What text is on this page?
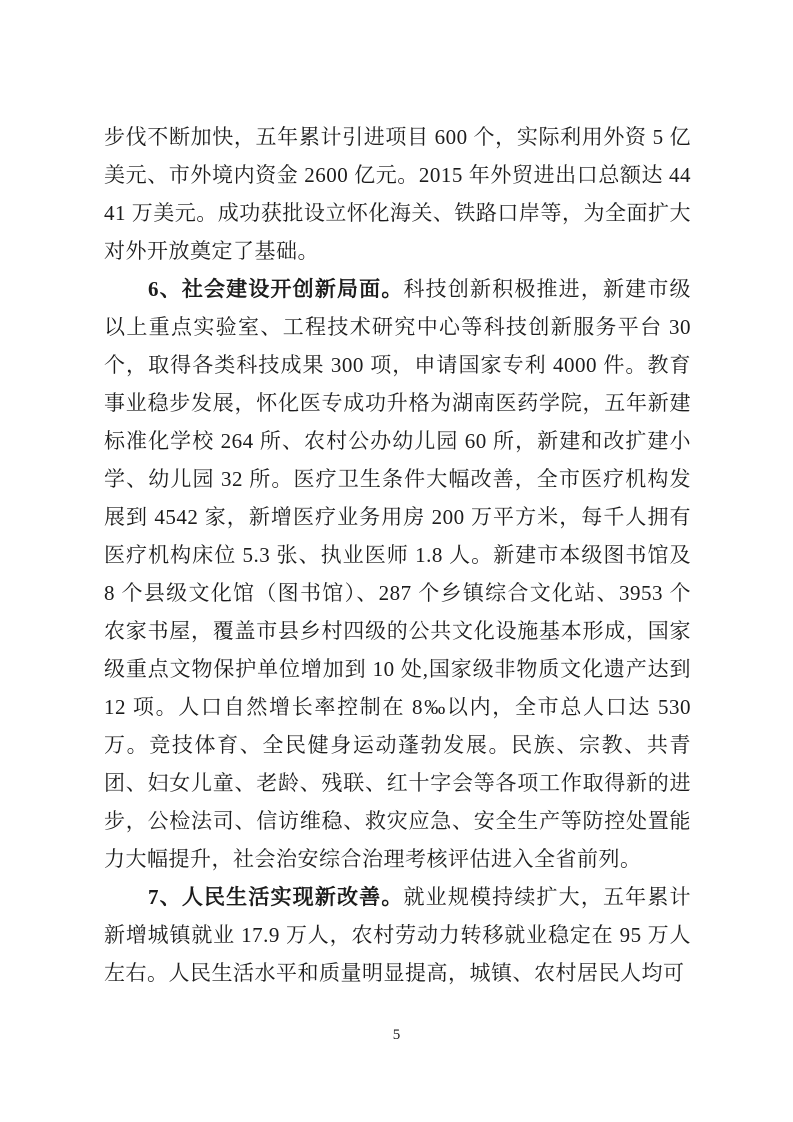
步伐不断加快，五年累计引进项目 600 个，实际利用外资 5 亿美元、市外境内资金 2600 亿元。2015 年外贸进出口总额达 4441 万美元。成功获批设立怀化海关、铁路口岸等，为全面扩大对外开放奠定了基础。

6、社会建设开创新局面。科技创新积极推进，新建市级以上重点实验室、工程技术研究中心等科技创新服务平台 30 个，取得各类科技成果 300 项，申请国家专利 4000 件。教育事业稳步发展，怀化医专成功升格为湖南医药学院，五年新建标准化学校 264 所、农村公办幼儿园 60 所，新建和改扩建小学、幼儿园 32 所。医疗卫生条件大幅改善，全市医疗机构发展到 4542 家，新增医疗业务用房 200 万平方米，每千人拥有医疗机构床位 5.3 张、执业医师 1.8 人。新建市本级图书馆及 8 个县级文化馆（图书馆）、287 个乡镇综合文化站、3953 个农家书屋，覆盖市县乡村四级的公共文化设施基本形成，国家级重点文物保护单位增加到 10 处,国家级非物质文化遗产达到 12 项。人口自然增长率控制在 8‰以内，全市总人口达 530 万。竞技体育、全民健身运动蓬勃发展。民族、宗教、共青团、妇女儿童、老龄、残联、红十字会等各项工作取得新的进步，公检法司、信访维稳、救灾应急、安全生产等防控处置能力大幅提升，社会治安综合治理考核评估进入全省前列。

7、人民生活实现新改善。就业规模持续扩大，五年累计新增城镇就业 17.9 万人，农村劳动力转移就业稳定在 95 万人左右。人民生活水平和质量明显提高，城镇、农村居民人均可

5
